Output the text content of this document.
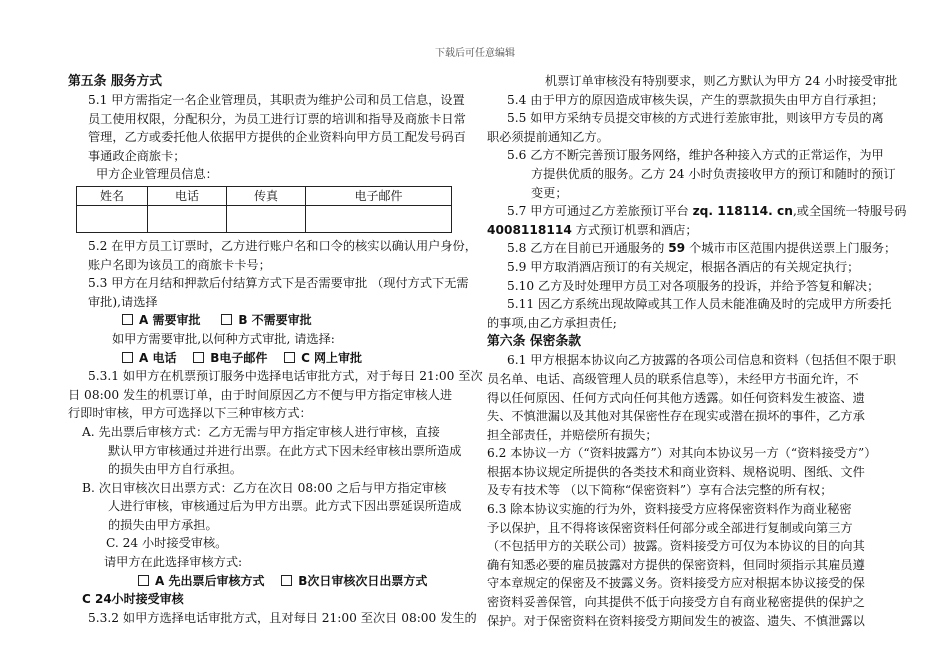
下载后可任意编辑
第五条 服务方式
5.1 甲方需指定一名企业管理员，其职责为维护公司和员工信息，设置
员工使用权限，分配积分，为员工进行订票的培训和指导及商旅卡日常
管理，乙方或委托他人依据甲方提供的企业资料向甲方员工配发号码百
事通政企商旅卡；
甲方企业管理员信息：
姓名	电话	传真	电子邮件

5.2 在甲方员工订票时，乙方进行账户名和口令的核实以确认用户身份，
账户名即为该员工的商旅卡卡号；
5.3 甲方在月结和押款后付结算方式下是否需要审批 （现付方式下无需
审批),请选择
A 需要审批	B 不需要审批
如甲方需要审批,以何种方式审批, 请选择:
A 电话	B电子邮件	C 网上审批
5.3.1 如甲方在机票预订服务中选择电话审批方式，对于每日 21:00 至次
日 08:00 发生的机票订单，由于时间原因乙方不便与甲方指定审核人进
行即时审核，甲方可选择以下三种审核方式：
A. 先出票后审核方式：乙方无需与甲方指定审核人进行审核，直接
默认甲方审核通过并进行出票。在此方式下因未经审核出票所造成
的损失由甲方自行承担。
B. 次日审核次日出票方式：乙方在次日 08:00 之后与甲方指定审核
人进行审核，审核通过后为甲方出票。此方式下因出票延误所造成
的损失由甲方承担。
C. 24 小时接受审核。
请甲方在此选择审核方式:
A 先出票后审核方式	B次日审核次日出票方式
C 24小时接受审核
5.3.2 如甲方选择电话审批方式，且对每日 21:00 至次日 08:00 发生的
机票订单审核没有特别要求，则乙方默认为甲方 24 小时接受审批
5.4 由于甲方的原因造成审核失误，产生的票款损失由甲方自行承担；
5.5 如甲方采纳专员提交审核的方式进行差旅审批，则该甲方专员的离
职必须提前通知乙方。
5.6 乙方不断完善预订服务网络，维护各种接入方式的正常运作，为甲
方提供优质的服务。乙方 24 小时负责接收甲方的预订和随时的预订
变更；
5.7 甲方可通过乙方差旅预订平台 zq. 118114. cn,或全国统一特服号码
4008118114 方式预订机票和酒店；
5.8 乙方在目前已开通服务的 59 个城市市区范围内提供送票上门服务；
5.9 甲方取消酒店预订的有关规定，根据各酒店的有关规定执行；
5.10 乙方及时处理甲方员工对各项服务的投诉，并给予答复和解决；
5.11 因乙方系统出现故障或其工作人员未能准确及时的完成甲方所委托
的事项,由乙方承担责任;
第六条 保密条款
6.1 甲方根据本协议向乙方披露的各项公司信息和资料（包括但不限于职
员名单、电话、高级管理人员的联系信息等），未经甲方书面允许，不
得以任何原因、任何方式向任何其他方透露。如任何资料发生被盗、遗
失、不慎泄漏以及其他对其保密性存在现实或潜在损坏的事件，乙方承
担全部责任，并赔偿所有损失；
6.2 本协议一方（“资料披露方”）对其向本协议另一方（“资料接受方”）
根据本协议规定所提供的各类技术和商业资料、规格说明、图纸、文件
及专有技术等 （以下简称“保密资料”）享有合法完整的所有权；
6.3 除本协议实施的行为外，资料接受方应将保密资料作为商业秘密
予以保护，且不得将该保密资料任何部分或全部进行复制或向第三方
（不包括甲方的关联公司）披露。资料接受方可仅为本协议的目的向其
确有知悉必要的雇员披露对方提供的保密资料，但同时须指示其雇员遵
守本章规定的保密及不披露义务。资料接受方应对根据本协议接受的保
密资料妥善保管，向其提供不低于向接受方自有商业秘密提供的保护之
保护。对于保密资料在资料接受方期间发生的被盗、遗失、不慎泄露以
